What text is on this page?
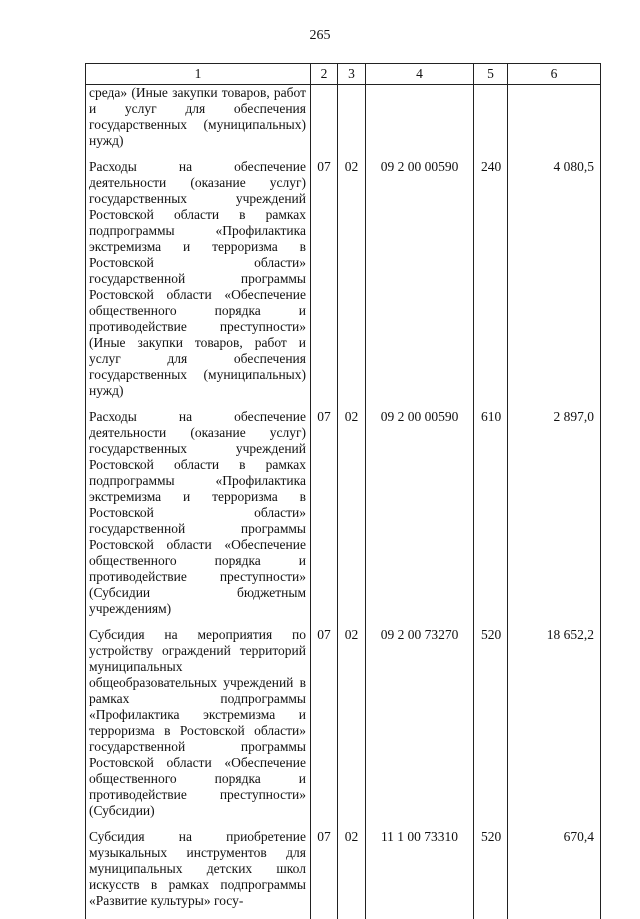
265
1	2	3	4	5	6
среда» (Иные закупки товаров, работ и услуг для обеспечения государственных (муниципальных) нужд)					
Расходы на обеспечение деятельности (оказание услуг) государственных учреждений Ростовской области в рамках подпрограммы «Профилактика экстремизма и терроризма в Ростовской области» государственной программы Ростовской области «Обеспечение общественного порядка и противодействие преступности» (Иные закупки товаров, работ и услуг для обеспечения государственных (муниципальных) нужд)	07	02	09 2 00 00590	240	4 080,5
Расходы на обеспечение деятельности (оказание услуг) государственных учреждений Ростовской области в рамках подпрограммы «Профилактика экстремизма и терроризма в Ростовской области» государственной программы Ростовской области «Обеспечение общественного порядка и противодействие преступности» (Субсидии бюджетным учреждениям)	07	02	09 2 00 00590	610	2 897,0
Субсидия на мероприятия по устройству ограждений территорий муниципальных общеобразовательных учреждений в рамках подпрограммы «Профилактика экстремизма и терроризма в Ростовской области» государственной программы Ростовской области «Обеспечение общественного порядка и противодействие преступности» (Субсидии)	07	02	09 2 00 73270	520	18 652,2
Субсидия на приобретение музыкальных инструментов для муниципальных детских школ искусств в рамках подпрограммы «Развитие культуры» госу-	07	02	11 1 00 73310	520	670,4
